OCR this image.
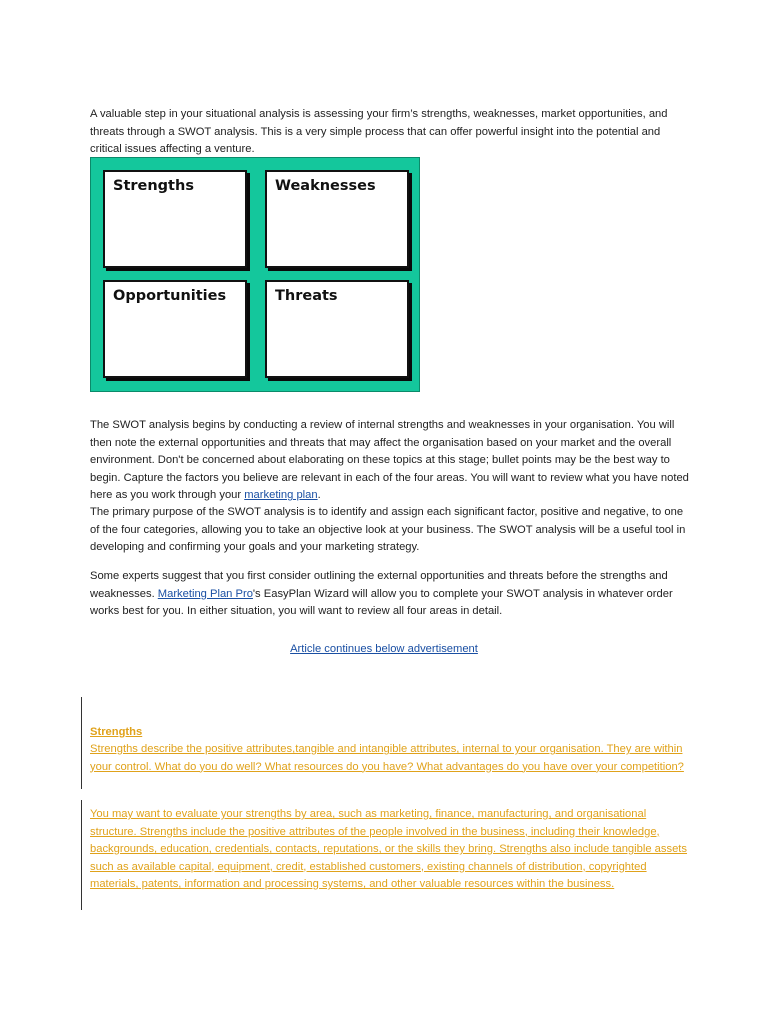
A valuable step in your situational analysis is assessing your firm’s strengths, weaknesses, market opportunities, and threats through a SWOT analysis. This is a very simple process that can offer powerful insight into the potential and critical issues affecting a venture.

Strengths	Weaknesses
Opportunities	Threats

The SWOT analysis begins by conducting a review of internal strengths and weaknesses in your organisation. You will then note the external opportunities and threats that may affect the organisation based on your market and the overall environment. Don't be concerned about elaborating on these topics at this stage; bullet points may be the best way to begin. Capture the factors you believe are relevant in each of the four areas. You will want to review what you have noted here as you work through your marketing plan.

The primary purpose of the SWOT analysis is to identify and assign each significant factor, positive and negative, to one of the four categories, allowing you to take an objective look at your business. The SWOT analysis will be a useful tool in developing and confirming your goals and your marketing strategy.

Some experts suggest that you first consider outlining the external opportunities and threats before the strengths and weaknesses. Marketing Plan Pro's EasyPlan Wizard will allow you to complete your SWOT analysis in whatever order works best for you. In either situation, you will want to review all four areas in detail.

Article continues below advertisement
Strengths
Strengths describe the positive attributes,tangible and intangible attributes, internal to your organisation. They are within your control. What do you do well? What resources do you have? What advantages do you have over your competition?
You may want to evaluate your strengths by area, such as marketing, finance, manufacturing, and organisational structure. Strengths include the positive attributes of the people involved in the business, including their knowledge, backgrounds, education, credentials, contacts, reputations, or the skills they bring. Strengths also include tangible assets such as available capital, equipment, credit, established customers, existing channels of distribution, copyrighted materials, patents, information and processing systems, and other valuable resources within the business.
